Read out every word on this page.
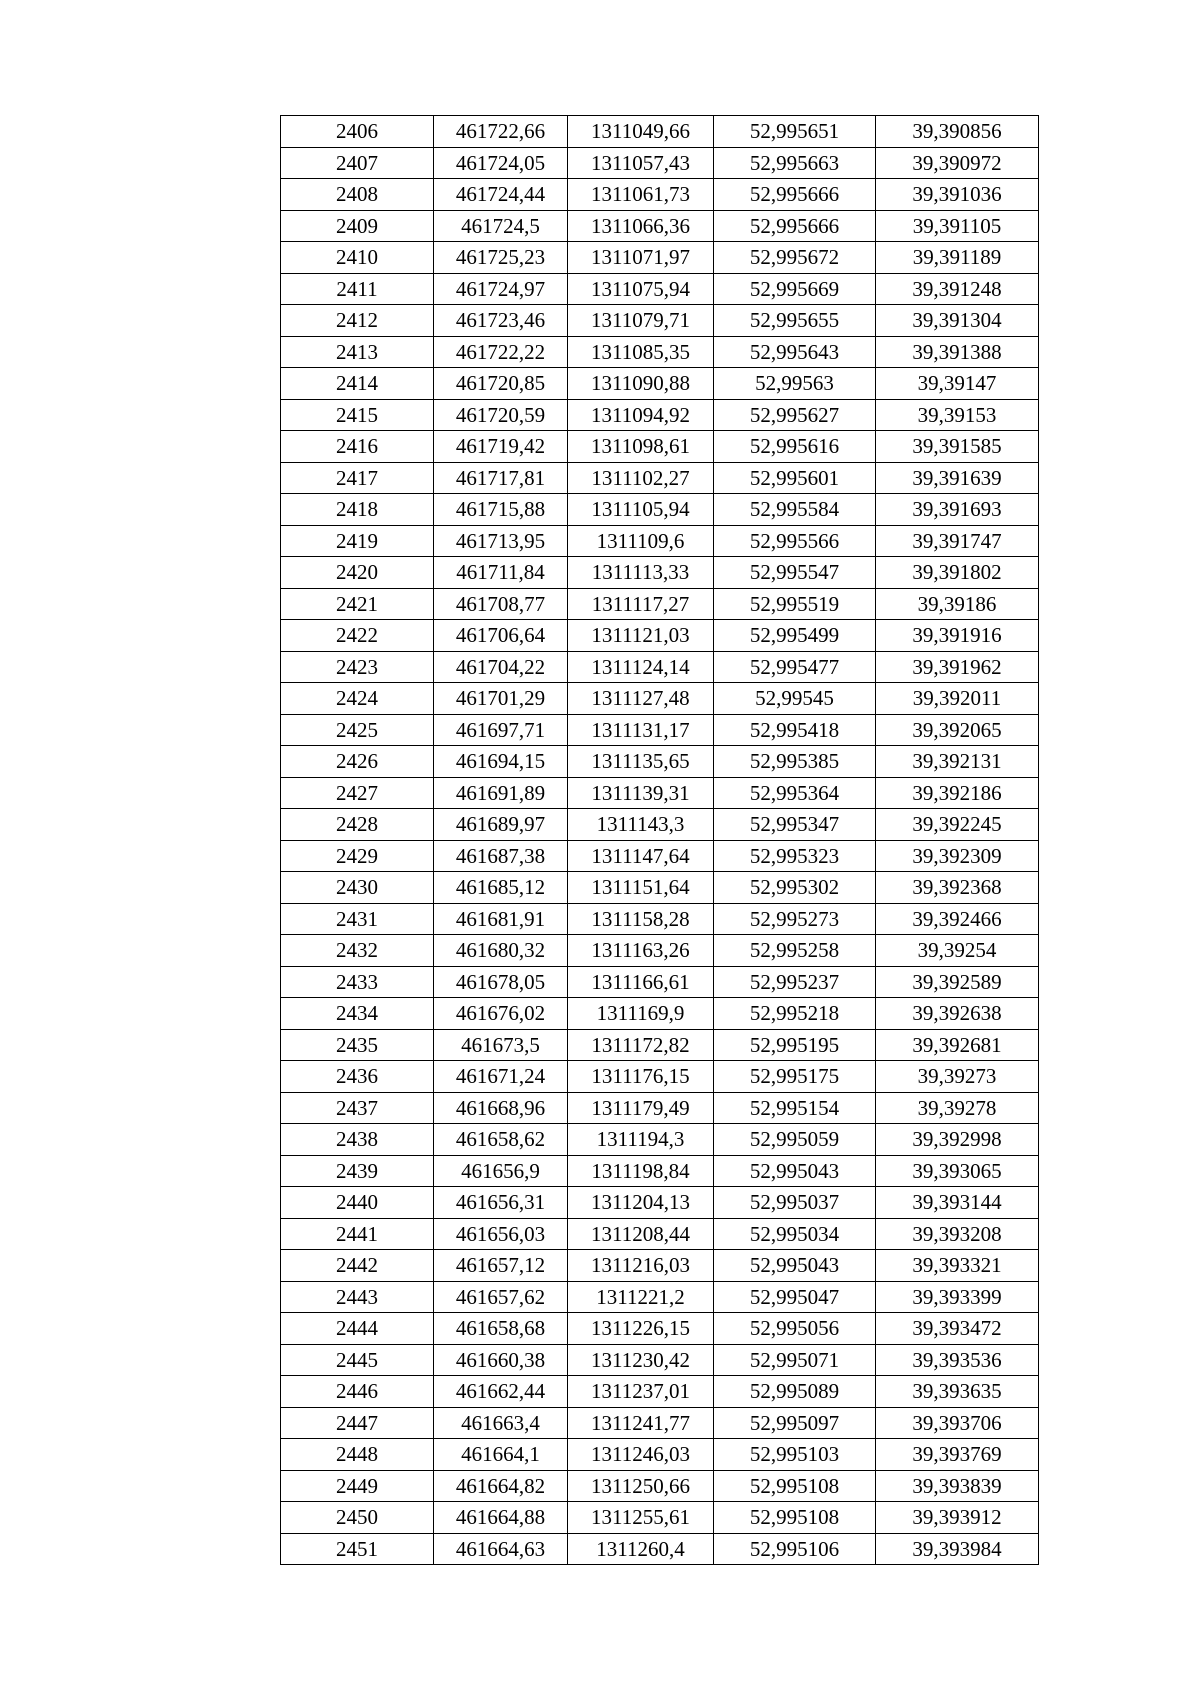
2406	461722,66	1311049,66	52,995651	39,390856
2407	461724,05	1311057,43	52,995663	39,390972
2408	461724,44	1311061,73	52,995666	39,391036
2409	461724,5	1311066,36	52,995666	39,391105
2410	461725,23	1311071,97	52,995672	39,391189
2411	461724,97	1311075,94	52,995669	39,391248
2412	461723,46	1311079,71	52,995655	39,391304
2413	461722,22	1311085,35	52,995643	39,391388
2414	461720,85	1311090,88	52,99563	39,39147
2415	461720,59	1311094,92	52,995627	39,39153
2416	461719,42	1311098,61	52,995616	39,391585
2417	461717,81	1311102,27	52,995601	39,391639
2418	461715,88	1311105,94	52,995584	39,391693
2419	461713,95	1311109,6	52,995566	39,391747
2420	461711,84	1311113,33	52,995547	39,391802
2421	461708,77	1311117,27	52,995519	39,39186
2422	461706,64	1311121,03	52,995499	39,391916
2423	461704,22	1311124,14	52,995477	39,391962
2424	461701,29	1311127,48	52,99545	39,392011
2425	461697,71	1311131,17	52,995418	39,392065
2426	461694,15	1311135,65	52,995385	39,392131
2427	461691,89	1311139,31	52,995364	39,392186
2428	461689,97	1311143,3	52,995347	39,392245
2429	461687,38	1311147,64	52,995323	39,392309
2430	461685,12	1311151,64	52,995302	39,392368
2431	461681,91	1311158,28	52,995273	39,392466
2432	461680,32	1311163,26	52,995258	39,39254
2433	461678,05	1311166,61	52,995237	39,392589
2434	461676,02	1311169,9	52,995218	39,392638
2435	461673,5	1311172,82	52,995195	39,392681
2436	461671,24	1311176,15	52,995175	39,39273
2437	461668,96	1311179,49	52,995154	39,39278
2438	461658,62	1311194,3	52,995059	39,392998
2439	461656,9	1311198,84	52,995043	39,393065
2440	461656,31	1311204,13	52,995037	39,393144
2441	461656,03	1311208,44	52,995034	39,393208
2442	461657,12	1311216,03	52,995043	39,393321
2443	461657,62	1311221,2	52,995047	39,393399
2444	461658,68	1311226,15	52,995056	39,393472
2445	461660,38	1311230,42	52,995071	39,393536
2446	461662,44	1311237,01	52,995089	39,393635
2447	461663,4	1311241,77	52,995097	39,393706
2448	461664,1	1311246,03	52,995103	39,393769
2449	461664,82	1311250,66	52,995108	39,393839
2450	461664,88	1311255,61	52,995108	39,393912
2451	461664,63	1311260,4	52,995106	39,393984
